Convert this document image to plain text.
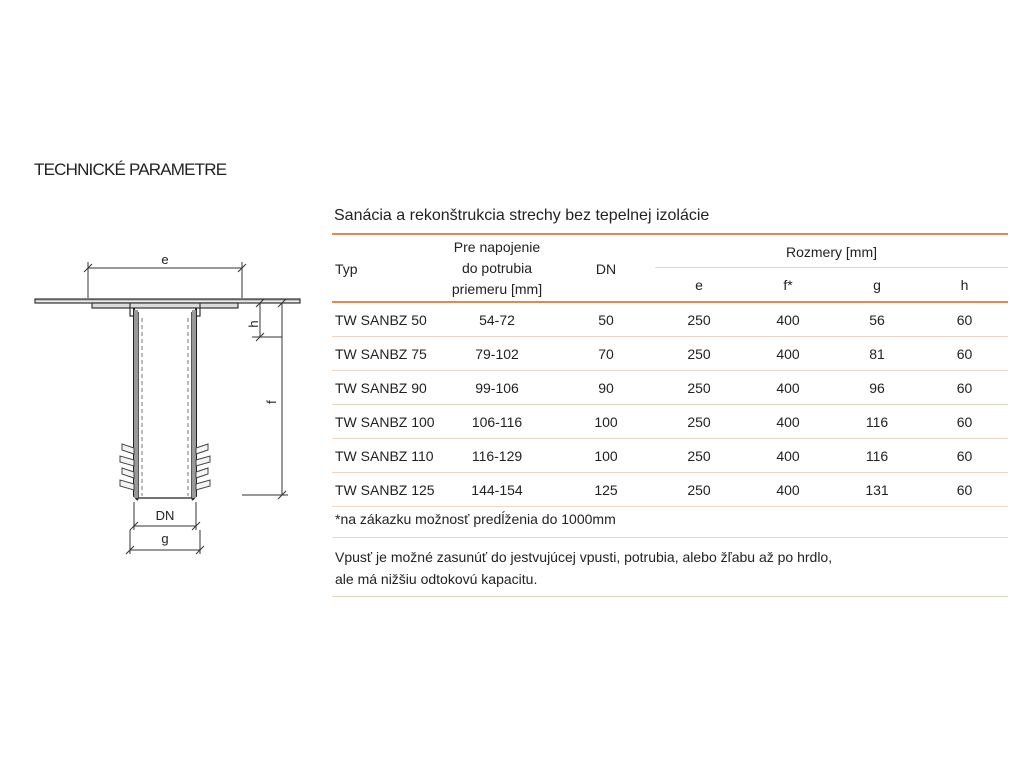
TECHNICKÉ PARAMETRE
e
h
f
DN
g
Sanácia a rekonštrukcia strechy bez tepelnej izolácie
Typ	Pre napojenie
do potrubia
priemeru [mm]	DN	Rozmery [mm]			
			e	f*	g	h

TW SANBZ 50	54-72	50	250	400	56	60
TW SANBZ 75	79-102	70	250	400	81	60
TW SANBZ 90	99-106	90	250	400	96	60
TW SANBZ 100	106-116	100	250	400	116	60
TW SANBZ 110	116-129	100	250	400	116	60
TW SANBZ 125	144-154	125	250	400	131	60
*na zákazku možnosť predĺženia do 1000mm
Vpusť je možné zasunúť do jestvujúcej vpusti, potrubia, alebo žľabu až po hrdlo,
ale má nižšiu odtokovú kapacitu.
